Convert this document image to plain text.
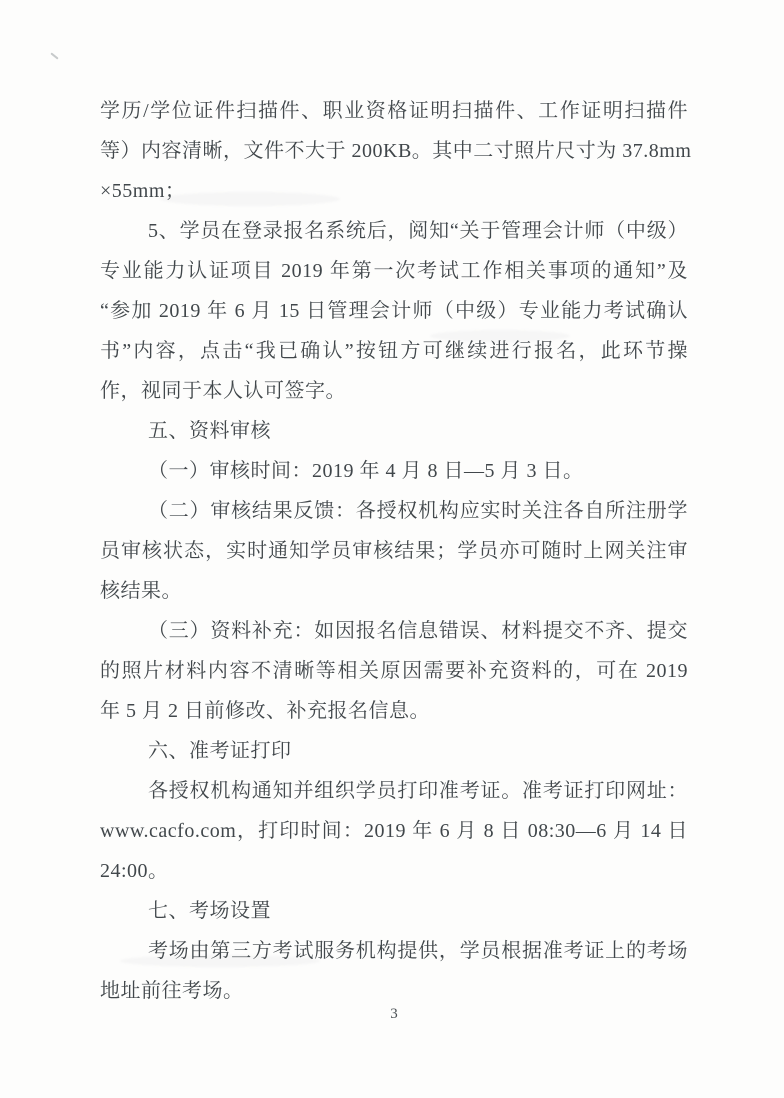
学历/学位证件扫描件、职业资格证明扫描件、工作证明扫描件
等）内容清晰，文件不大于 200KB。其中二寸照片尺寸为 37.8mm
×55mm；
5、学员在登录报名系统后，阅知“关于管理会计师（中级）
专业能力认证项目 2019 年第一次考试工作相关事项的通知”及
“参加 2019 年 6 月 15 日管理会计师（中级）专业能力考试确认
书”内容，点击“我已确认”按钮方可继续进行报名，此环节操
作，视同于本人认可签字。
五、资料审核
（一）审核时间：2019 年 4 月 8 日—5 月 3 日。
（二）审核结果反馈：各授权机构应实时关注各自所注册学
员审核状态，实时通知学员审核结果；学员亦可随时上网关注审
核结果。
（三）资料补充：如因报名信息错误、材料提交不齐、提交
的照片材料内容不清晰等相关原因需要补充资料的，可在 2019
年 5 月 2 日前修改、补充报名信息。
六、准考证打印
各授权机构通知并组织学员打印准考证。准考证打印网址：
www.cacfo.com，打印时间：2019 年 6 月 8 日 08:30—6 月 14 日
24:00。
七、考场设置
考场由第三方考试服务机构提供，学员根据准考证上的考场
地址前往考场。
3
